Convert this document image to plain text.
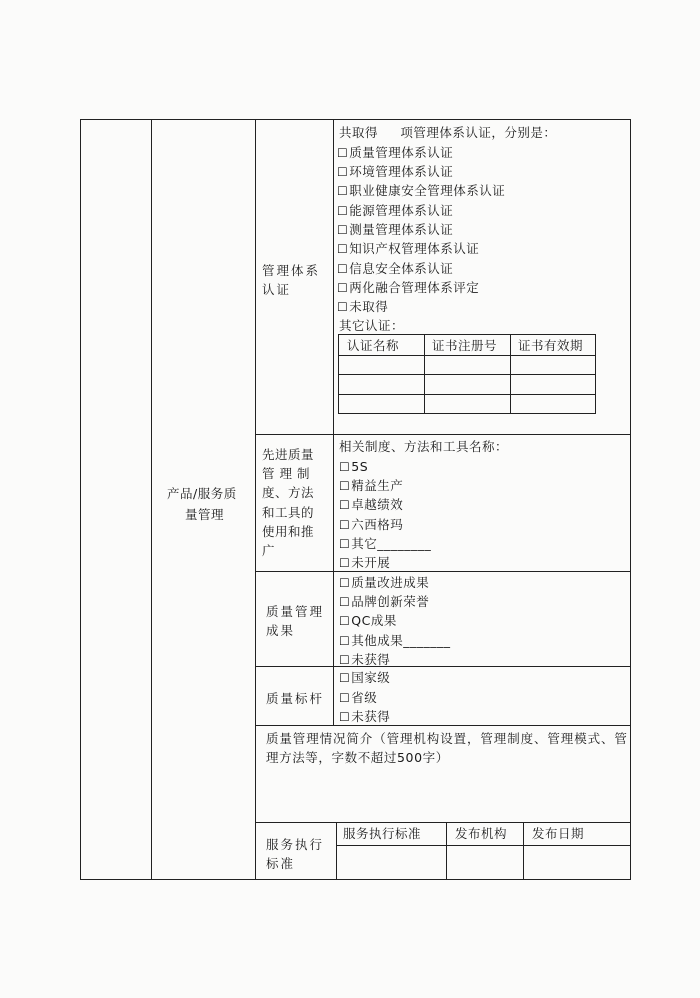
产品/服务质
量管理
管理体系
认证
共取得     项管理体系认证，分别是：
☐ 质量管理体系认证
☐ 环境管理体系认证
☐ 职业健康安全管理体系认证
☐ 能源管理体系认证
☐ 测量管理体系认证
☐ 知识产权管理体系认证
☐ 信息安全体系认证
☐ 两化融合管理体系评定
☐ 未取得
其它认证：
认证名称	证书注册号 证书有效期
先进质量
管 理 制
度、方法
和工具的
使用和推
广
相关制度、方法和工具名称：
☐ 5S
☐ 精益生产
☐ 卓越绩效
☐ 六西格玛
☐ 其它________
☐ 未开展
质量管理
成果
☐ 质量改进成果
☐ 品牌创新荣誉
☐ QC成果
☐ 其他成果_______
☐ 未获得
质量标杆
☐ 国家级
☐ 省级
☐ 未获得
质量管理情况简介（管理机构设置，管理制度、管理模式、管
理方法等，字数不超过500字）
服务执行
标准
服务执行标准	发布机构 发布日期
